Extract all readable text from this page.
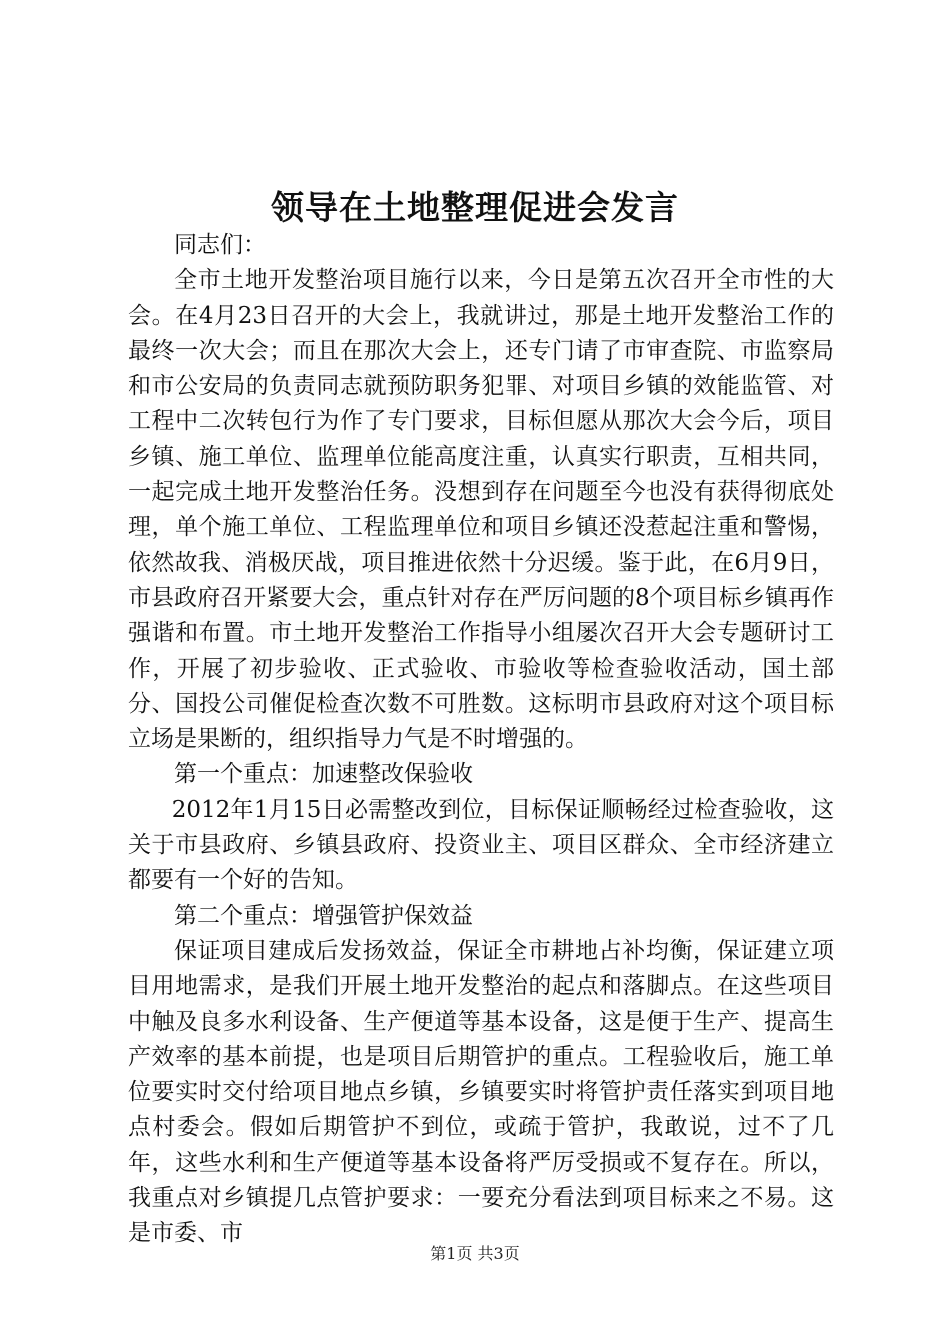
领导在土地整理促进会发言

同志们：

全市土地开发整治项目施行以来，今日是第五次召开全市性的大会。在4月23日召开的大会上，我就讲过，那是土地开发整治工作的最终一次大会；而且在那次大会上，还专门请了市审查院、市监察局和市公安局的负责同志就预防职务犯罪、对项目乡镇的效能监管、对工程中二次转包行为作了专门要求，目标但愿从那次大会今后，项目乡镇、施工单位、监理单位能高度注重，认真实行职责，互相共同，一起完成土地开发整治任务。没想到存在问题至今也没有获得彻底处理，单个施工单位、工程监理单位和项目乡镇还没惹起注重和警惕，依然故我、消极厌战，项目推进依然十分迟缓。鉴于此，在6月9日，市县政府召开紧要大会，重点针对存在严厉问题的8个项目标乡镇再作强谐和布置。市土地开发整治工作指导小组屡次召开大会专题研讨工作，开展了初步验收、正式验收、市验收等检查验收活动，国土部分、国投公司催促检查次数不可胜数。这标明市县政府对这个项目标立场是果断的，组织指导力气是不时增强的。

第一个重点：加速整改保验收

2012年1月15日必需整改到位，目标保证顺畅经过检查验收，这关于市县政府、乡镇县政府、投资业主、项目区群众、全市经济建立都要有一个好的告知。

第二个重点：增强管护保效益

保证项目建成后发扬效益，保证全市耕地占补均衡，保证建立项目用地需求，是我们开展土地开发整治的起点和落脚点。在这些项目中触及良多水利设备、生产便道等基本设备，这是便于生产、提高生产效率的基本前提，也是项目后期管护的重点。工程验收后，施工单位要实时交付给项目地点乡镇，乡镇要实时将管护责任落实到项目地点村委会。假如后期管护不到位，或疏于管护，我敢说，过不了几年，这些水利和生产便道等基本设备将严厉受损或不复存在。所以，我重点对乡镇提几点管护要求：一要充分看法到项目标来之不易。这是市委、市

第1页 共3页
